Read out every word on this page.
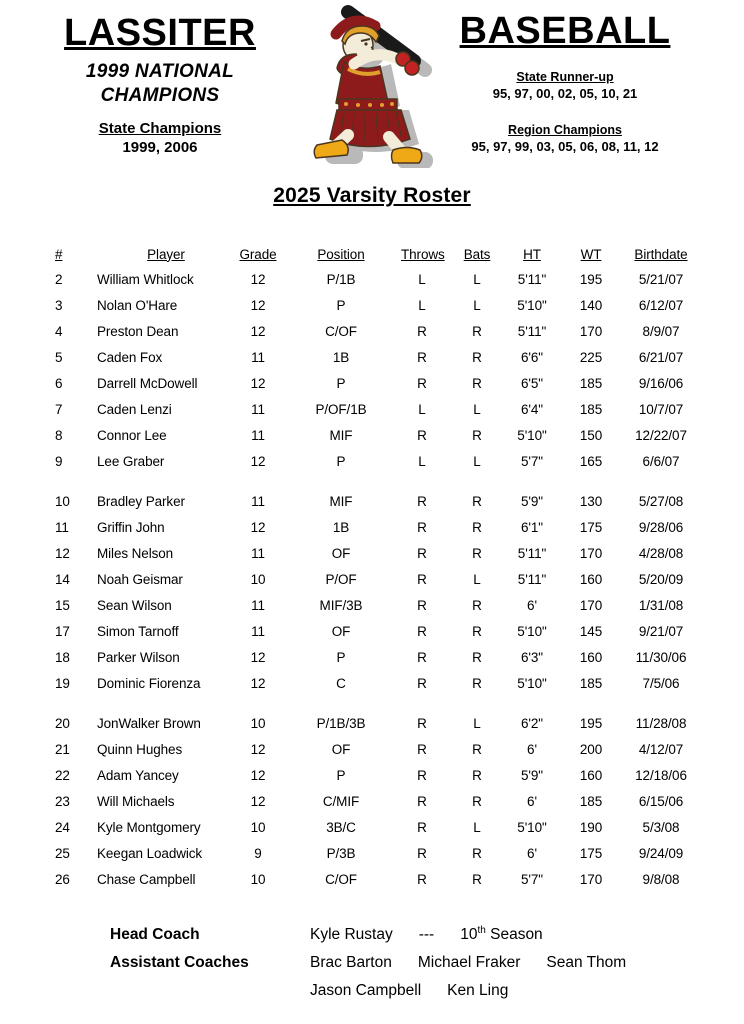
LASSITER
1999 NATIONAL
CHAMPIONS
State Champions
1999, 2006
BASEBALL
State Runner-up
95, 97, 00, 02, 05, 10, 21
Region Champions
95, 97, 99, 03, 05, 06, 08, 11, 12
2025 Varsity Roster
#	Player	Grade	Position	Throws	Bats	HT	WT	Birthdate
2	William Whitlock	12	P/1B	L	L	5'11"	195	5/21/07
3	Nolan O'Hare	12	P	L	L	5'10"	140	6/12/07
4	Preston Dean	12	C/OF	R	R	5'11"	170	8/9/07
5	Caden Fox	11	1B	R	R	6'6"	225	6/21/07
6	Darrell McDowell	12	P	R	R	6'5"	185	9/16/06
7	Caden Lenzi	11	P/OF/1B	L	L	6'4"	185	10/7/07
8	Connor Lee	11	MIF	R	R	5'10"	150	12/22/07
9	Lee Graber	12	P	L	L	5'7"	165	6/6/07
10	Bradley Parker	11	MIF	R	R	5'9"	130	5/27/08
11	Griffin John	12	1B	R	R	6'1"	175	9/28/06
12	Miles Nelson	11	OF	R	R	5'11"	170	4/28/08
14	Noah Geismar	10	P/OF	R	L	5'11"	160	5/20/09
15	Sean Wilson	11	MIF/3B	R	R	6'	170	1/31/08
17	Simon Tarnoff	11	OF	R	R	5'10"	145	9/21/07
18	Parker Wilson	12	P	R	R	6'3"	160	11/30/06
19	Dominic Fiorenza	12	C	R	R	5'10"	185	7/5/06
20	JonWalker Brown	10	P/1B/3B	R	L	6'2"	195	11/28/08
21	Quinn Hughes	12	OF	R	R	6'	200	4/12/07
22	Adam Yancey	12	P	R	R	5'9"	160	12/18/06
23	Will Michaels	12	C/MIF	R	R	6'	185	6/15/06
24	Kyle Montgomery	10	3B/C	R	L	5'10"	190	5/3/08
25	Keegan Loadwick	9	P/3B	R	R	6'	175	9/24/09
26	Chase Campbell	10	C/OF	R	R	5'7"	170	9/8/08
Head Coach	Kyle Rustay --- 10th Season
Assistant Coaches	Brac Barton Michael Fraker Sean Thom
Jason Campbell Ken Ling
